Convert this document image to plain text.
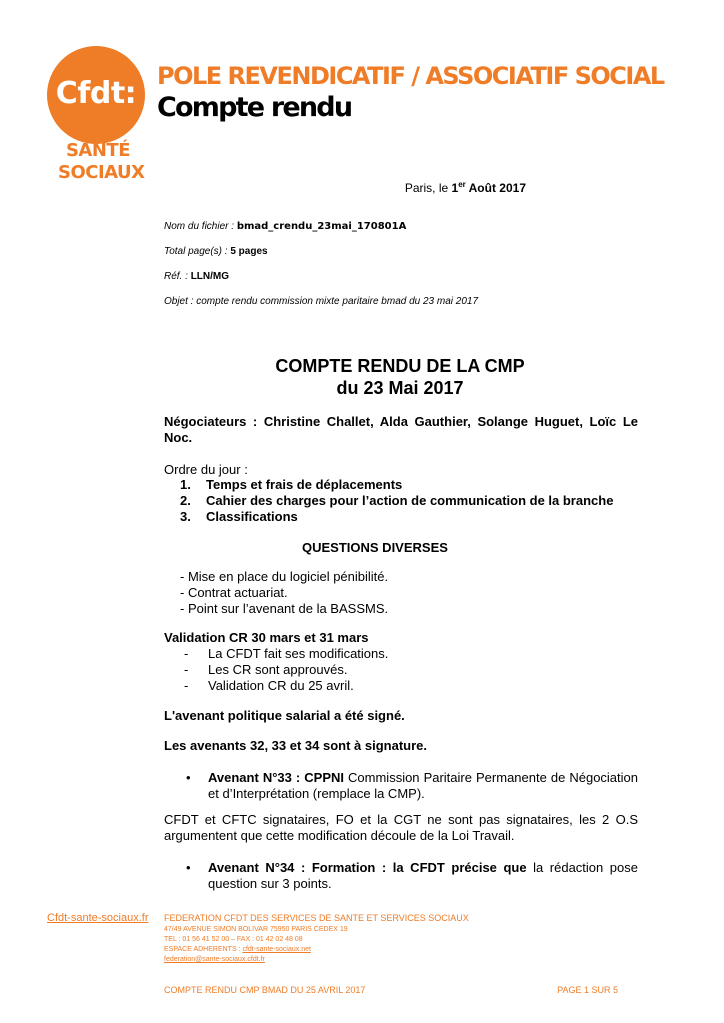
Cfdt:
SANTÉ
SOCIAUX
POLE REVENDICATIF / ASSOCIATIF SOCIAL
Compte rendu
Paris, le 1er Août 2017
Nom du fichier : bmad_crendu_23mai_170801A
Total page(s) : 5 pages
Réf. : LLN/MG
Objet : compte rendu commission mixte paritaire bmad du 23 mai 2017
COMPTE RENDU DE LA CMP
du 23 Mai 2017
Négociateurs : Christine Challet, Alda Gauthier, Solange Huguet, Loïc Le Noc.
Ordre du jour :
1. Temps et frais de déplacements
2. Cahier des charges pour l’action de communication de la branche
3. Classifications
QUESTIONS DIVERSES
- Mise en place du logiciel pénibilité.
- Contrat actuariat.
- Point sur l’avenant de la BASSMS.
Validation CR 30 mars et 31 mars
- La CFDT fait ses modifications.
- Les CR sont approuvés.
- Validation CR du 25 avril.
L'avenant politique salarial a été signé.
Les avenants 32, 33 et 34 sont à signature.
• Avenant N°33 : CPPNI Commission Paritaire Permanente de Négociation et d’Interprétation (remplace la CMP).
CFDT et CFTC signataires, FO et la CGT ne sont pas signataires, les 2 O.S argumentent que cette modification découle de la Loi Travail.
• Avenant N°34 : Formation : la CFDT précise que la rédaction pose question sur 3 points.
Cfdt-sante-sociaux.fr FEDERATION CFDT DES SERVICES DE SANTE ET SERVICES SOCIAUX
47/49 AVENUE SIMON BOLIVAR 75950 PARIS CEDEX 19
TEL : 01 56 41 52 00 – FAX : 01 42 02 48 08
ESPACE ADHERENTS : cfdt-sante-sociaux.net
federation@sante-sociaux.cfdt.fr
COMPTE RENDU CMP BMAD DU 25 AVRIL 2017	PAGE 1 SUR 5
